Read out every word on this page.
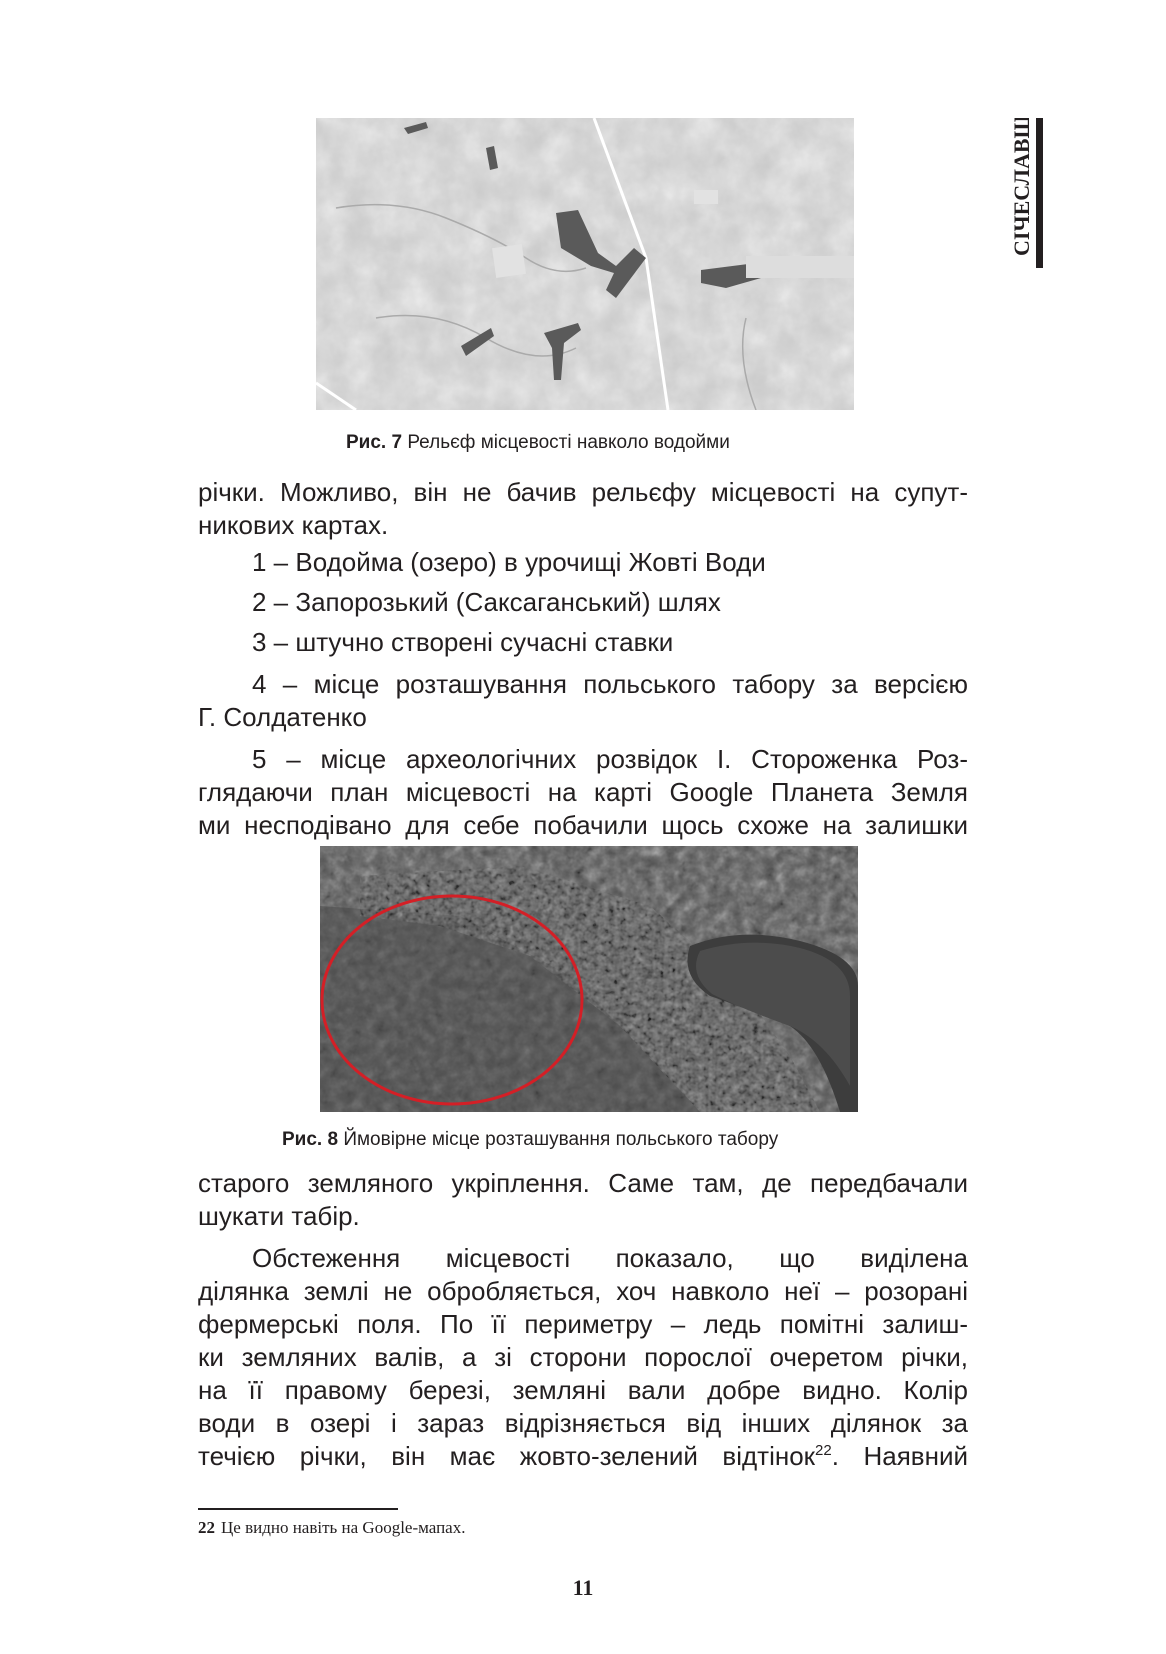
СІЧЕСЛАВЩИНА
Рис. 7 Рельєф місцевості навколо водойми
річки. Можливо, він не бачив рельєфу місцевості на супут-
никових картах.
1 – Водойма (озеро) в урочищі Жовті Води
2 – Запорозький (Саксаганський) шлях
3 – штучно створені сучасні ставки
4 – місце розташування польського табору за версією
Г. Солдатенко
5 – місце археологічних розвідок І. Стороженка Роз-
глядаючи план місцевості на карті Google Планета Земля
ми несподівано для себе побачили щось схоже на залишки
Рис. 8 Ймовірне місце розташування польського табору
старого земляного укріплення. Саме там, де передбачали
шукати табір.
Обстеження місцевості показало, що виділена
ділянка землі не обробляється, хоч навколо неї – розорані
фермерські поля. По її периметру – ледь помітні залиш-
ки земляних валів, а зі сторони порослої очеретом річки,
на її правому березі, земляні вали добре видно. Колір
води в озері і зараз відрізняється від інших ділянок за
течією річки, він має жовто-зелений відтінок$^{22}$. Наявний
22 Це видно навіть на Google-мапах.
11
